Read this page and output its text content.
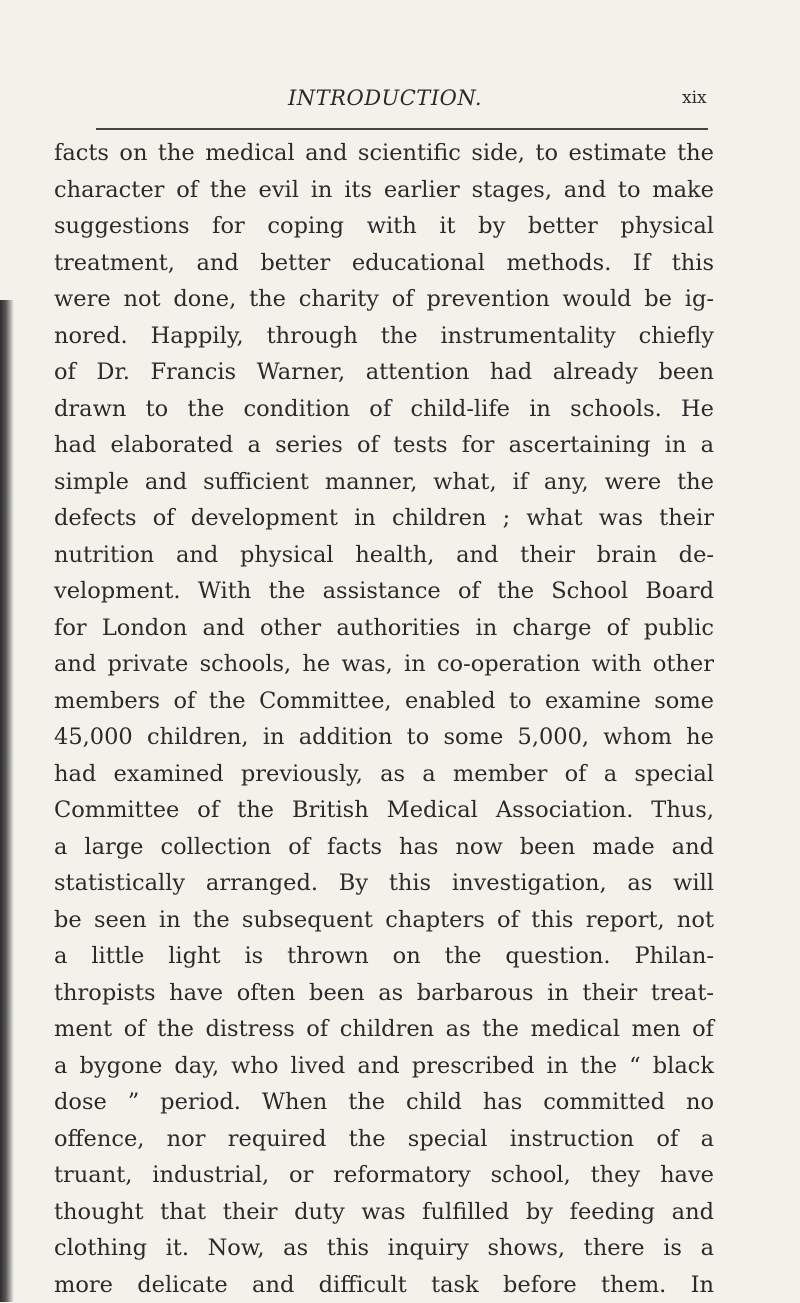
INTRODUCTION.	xix
facts on the medical and scientific side, to estimate the
character of the evil in its earlier stages, and to make
suggestions for coping with it by better physical
treatment, and better educational methods. If this
were not done, the charity of prevention would be ig-
nored. Happily, through the instrumentality chiefly
of Dr. Francis Warner, attention had already been
drawn to the condition of child-life in schools. He
had elaborated a series of tests for ascertaining in a
simple and sufficient manner, what, if any, were the
defects of development in children ; what was their
nutrition and physical health, and their brain de-
velopment. With the assistance of the School Board
for London and other authorities in charge of public
and private schools, he was, in co-operation with other
members of the Committee, enabled to examine some
45,000 children, in addition to some 5,000, whom he
had examined previously, as a member of a special
Committee of the British Medical Association. Thus,
a large collection of facts has now been made and
statistically arranged. By this investigation, as will
be seen in the subsequent chapters of this report, not
a little light is thrown on the question. Philan-
thropists have often been as barbarous in their treat-
ment of the distress of children as the medical men of
a bygone day, who lived and prescribed in the “ black
dose ” period. When the child has committed no
offence, nor required the special instruction of a
truant, industrial, or reformatory school, they have
thought that their duty was fulfilled by feeding and
clothing it. Now, as this inquiry shows, there is a
more delicate and difficult task before them. In
